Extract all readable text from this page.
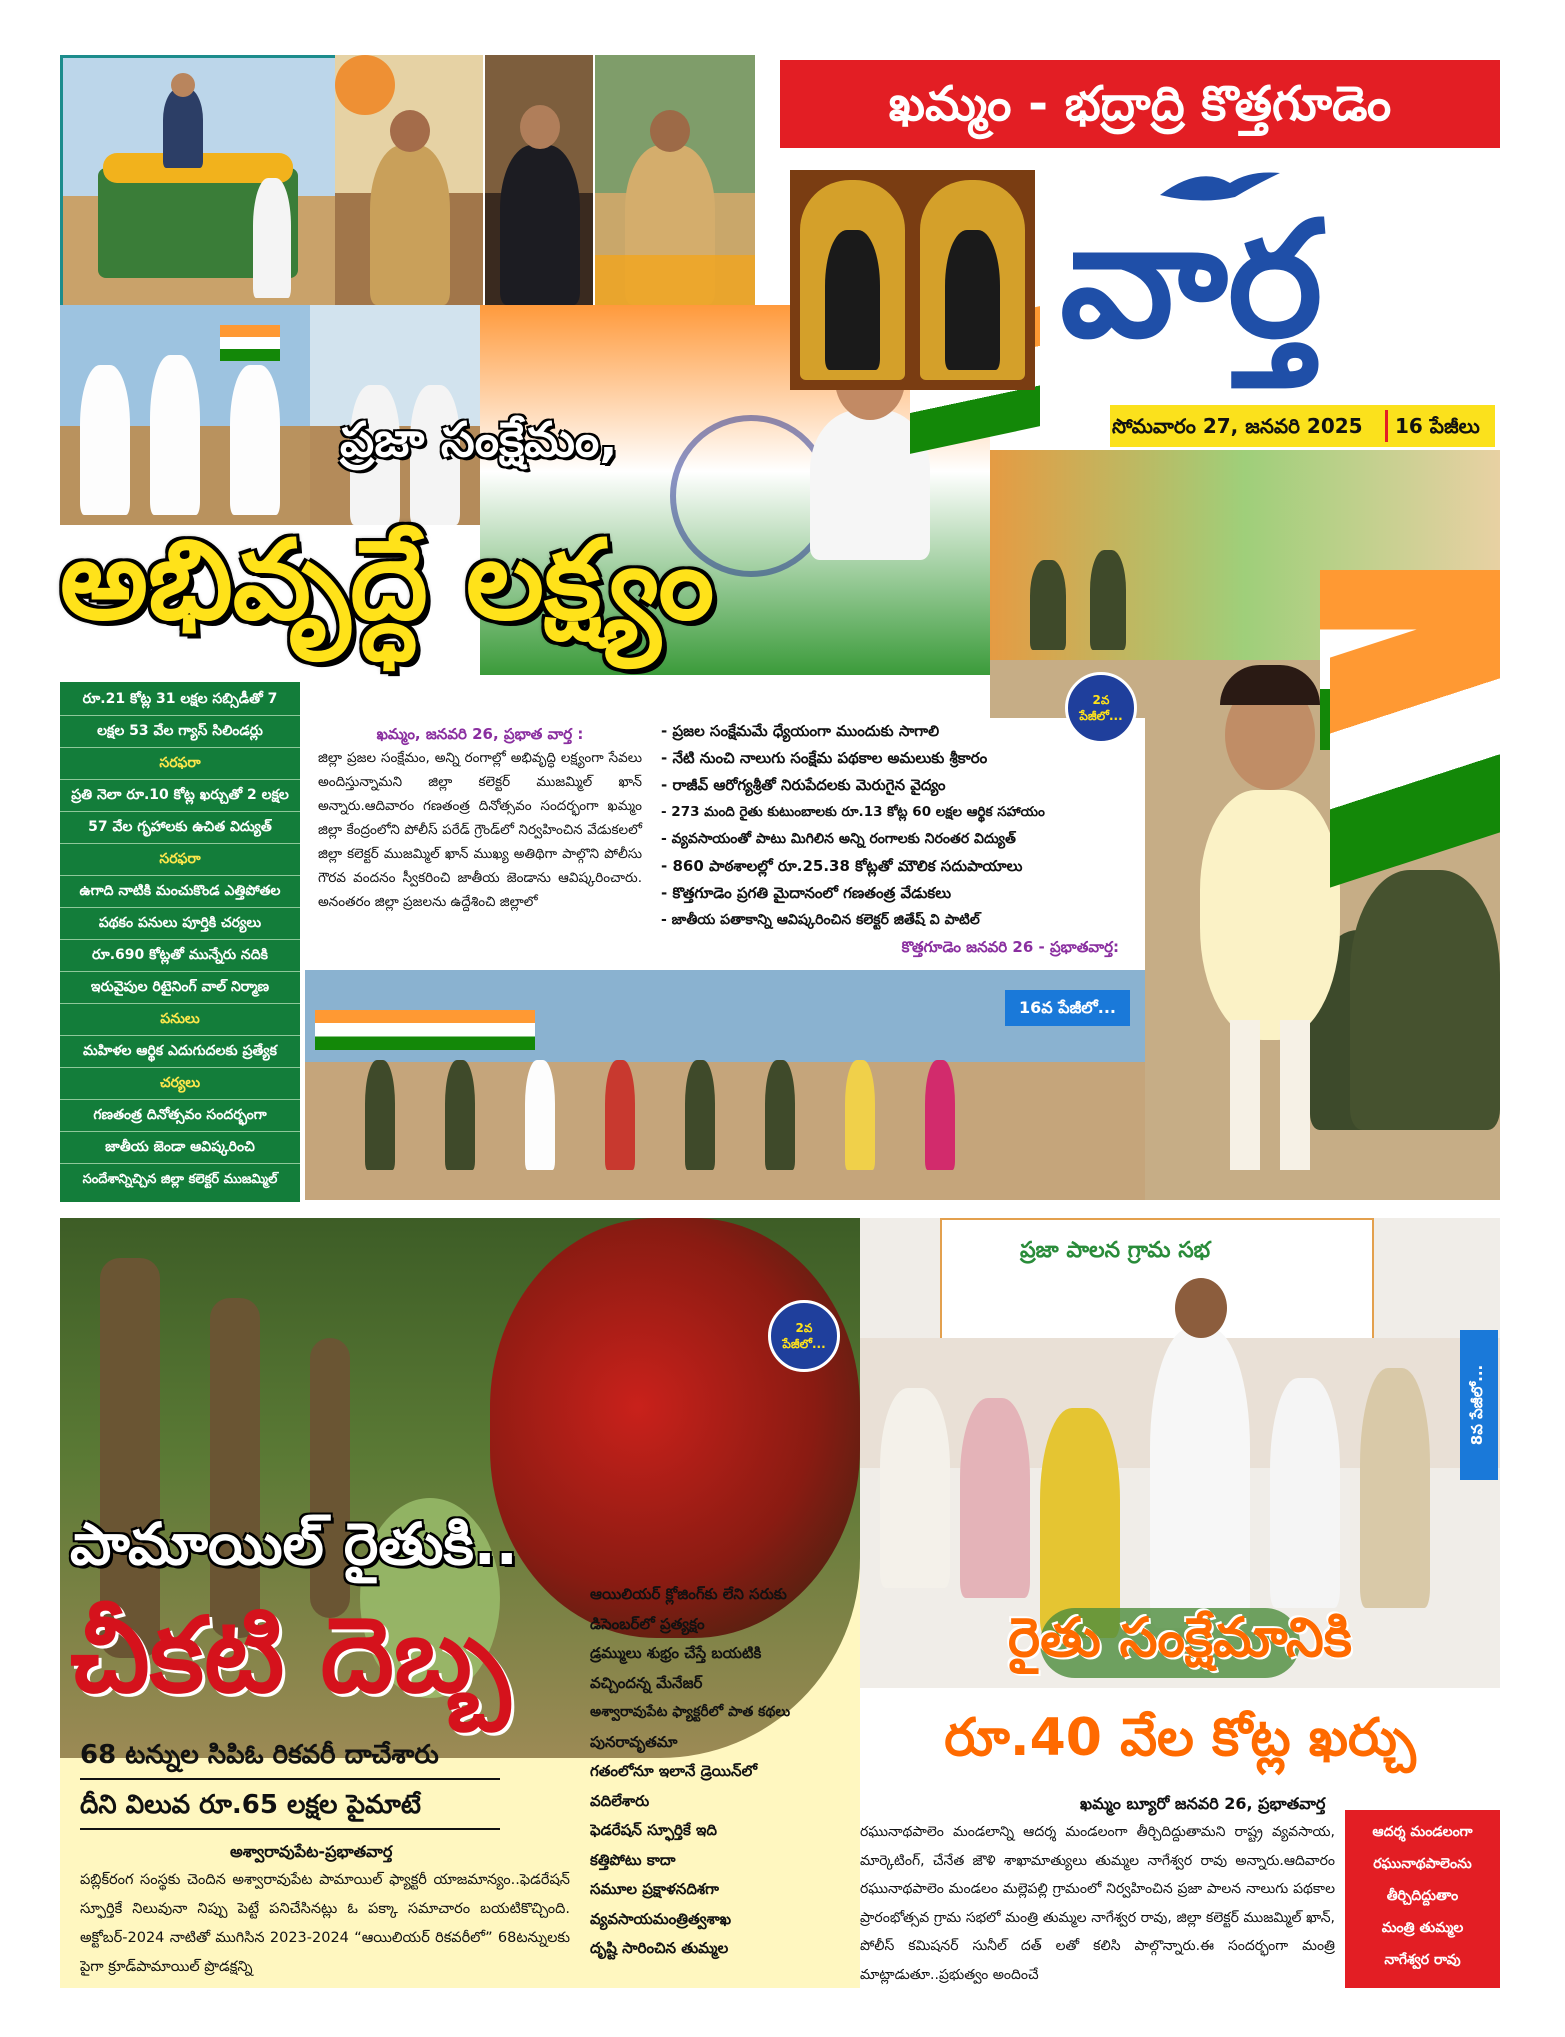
ఖమ్మం - భద్రాద్రి కొత్తగూడెం
వార్త
సోమవారం 27, జనవరి 2025 16 పేజీలు
ప్రజా సంక్షేమం,
అభివృద్ధే లక్ష్యం
రూ.21 కోట్ల 31 లక్షల సబ్సిడీతో 7
లక్షల 53 వేల గ్యాస్ సిలిండర్లు
సరఫరా
ప్రతి నెలా రూ.10 కోట్ల ఖర్చుతో 2 లక్షల
57 వేల గృహాలకు ఉచిత విద్యుత్
సరఫరా
ఉగాది నాటికి మంచుకొండ ఎత్తిపోతల
పథకం పనులు పూర్తికి చర్యలు
రూ.690 కోట్లతో మున్నేరు నదికి
ఇరువైపుల రిటైనింగ్ వాల్ నిర్మాణ
పనులు
మహిళల ఆర్థిక ఎదుగుదలకు ప్రత్యేక
చర్యలు
గణతంత్ర దినోత్సవం సందర్భంగా
జాతీయ జెండా ఆవిష్కరించి
సందేశాన్నిచ్చిన జిల్లా కలెక్టర్ ముజమ్మిల్
ఖమ్మం, జనవరి 26, ప్రభాత వార్త :
జిల్లా ప్రజల సంక్షేమం, అన్ని రంగాల్లో అభివృద్ధి లక్ష్యంగా సేవలు అందిస్తున్నామని జిల్లా కలెక్టర్ ముజమ్మిల్ ఖాన్ అన్నారు.ఆదివారం గణతంత్ర దినోత్సవం సందర్భంగా ఖమ్మం జిల్లా కేంద్రంలోని పోలీస్ పరేడ్ గ్రౌండ్‌లో నిర్వహించిన వేడుకలలో జిల్లా కలెక్టర్ ముజమ్మిల్ ఖాన్ ముఖ్య అతిథిగా పాల్గొని పోలీసు గౌరవ వందనం స్వీకరించి జాతీయ జెండాను ఆవిష్కరించారు. అనంతరం జిల్లా ప్రజలను ఉద్దేశించి జిల్లాలో
- ప్రజల సంక్షేమమే ధ్యేయంగా ముందుకు సాగాలి
- నేటి నుంచి నాలుగు సంక్షేమ పథకాల అమలుకు శ్రీకారం
- రాజీవ్ ఆరోగ్యశ్రీతో నిరుపేదలకు మెరుగైన వైద్యం
- 273 మంది రైతు కుటుంబాలకు రూ.13 కోట్ల 60 లక్షల ఆర్థిక సహాయం
- వ్యవసాయంతో పాటు మిగిలిన అన్ని రంగాలకు నిరంతర విద్యుత్
- 860 పాఠశాలల్లో రూ.25.38 కోట్లతో మౌలిక సదుపాయాలు
- కొత్తగూడెం ప్రగతి మైదానంలో గణతంత్ర వేడుకలు
- జాతీయ పతాకాన్ని ఆవిష్కరించిన కలెక్టర్ జితేష్ వి పాటిల్
కొత్తగూడెం జనవరి 26 - ప్రభాతవార్త:
2వ పేజీలో...
16వ పేజీలో...
2వ పేజీలో...
పామాయిల్ రైతుకి..
చీకటి దెబ్బ
68 టన్నుల సిపిఓ రికవరీ దాచేశారు
దీని విలువ రూ.65 లక్షల పైమాటే
అశ్వారావుపేట-ప్రభాతవార్త
పబ్లిక్‌రంగ సంస్థకు చెందిన అశ్వారావుపేట పామాయిల్ ఫ్యాక్టరీ యాజమాన్యం..ఫెడరేషన్ స్ఫూర్తికే నిలువునా నిప్పు పెట్టే పనిచేసినట్లు ఓ పక్కా సమాచారం బయటికొచ్చింది. అక్టోబర్-2024 నాటితో ముగిసిన 2023-2024 “ఆయిలియర్ రికవరీలో” 68టన్నులకు పైగా క్రూడ్‌పామాయిల్ ప్రొడక్షన్ని
ఆయిలియర్ క్లోజింగ్‌కు లేని సరుకు
డిసెంబర్‌లో ప్రత్యక్షం
డ్రమ్ములు శుభ్రం చేస్తే బయటికి
వచ్చిందన్న మేనేజర్
అశ్వారావుపేట ఫ్యాక్టరీలో పాత కథలు
పునరావృతమా
గతంలోనూ ఇలానే డ్రెయిన్‌లో
వదిలేశారు
ఫెడరేషన్ స్ఫూర్తికే ఇది
కత్తిపోటు కాదా
సమూల ప్రక్షాళనదిశగా
వ్యవసాయమంత్రిత్వశాఖ
దృష్టి సారించిన తుమ్మల
ప్రజా పాలన గ్రామ సభ
8వ పేజీలో...
రైతు సంక్షేమానికి
రూ.40 వేల కోట్ల ఖర్చు
ఖమ్మం బ్యూరో జనవరి 26, ప్రభాతవార్త
రఘునాథపాలెం మండలాన్ని ఆదర్శ మండలంగా తీర్చిదిద్దుతామని రాష్ట్ర వ్యవసాయ, మార్కెటింగ్, చేనేత జౌళి శాఖామాత్యులు తుమ్మల నాగేశ్వర రావు అన్నారు.ఆదివారం రఘునాథపాలెం మండలం మల్లెపల్లి గ్రామంలో నిర్వహించిన ప్రజా పాలన నాలుగు పథకాల ప్రారంభోత్సవ గ్రామ సభలో మంత్రి తుమ్మల నాగేశ్వర రావు, జిల్లా కలెక్టర్ ముజమ్మిల్ ఖాన్, పోలీస్ కమిషనర్ సునీల్ దత్ లతో కలిసి పాల్గొన్నారు.ఈ సందర్భంగా మంత్రి మాట్లాడుతూ..ప్రభుత్వం అందించే
ఆదర్శ మండలంగా
రఘునాథపాలెంను
తీర్చిదిద్దుతాం
మంత్రి తుమ్మల
నాగేశ్వర రావు
